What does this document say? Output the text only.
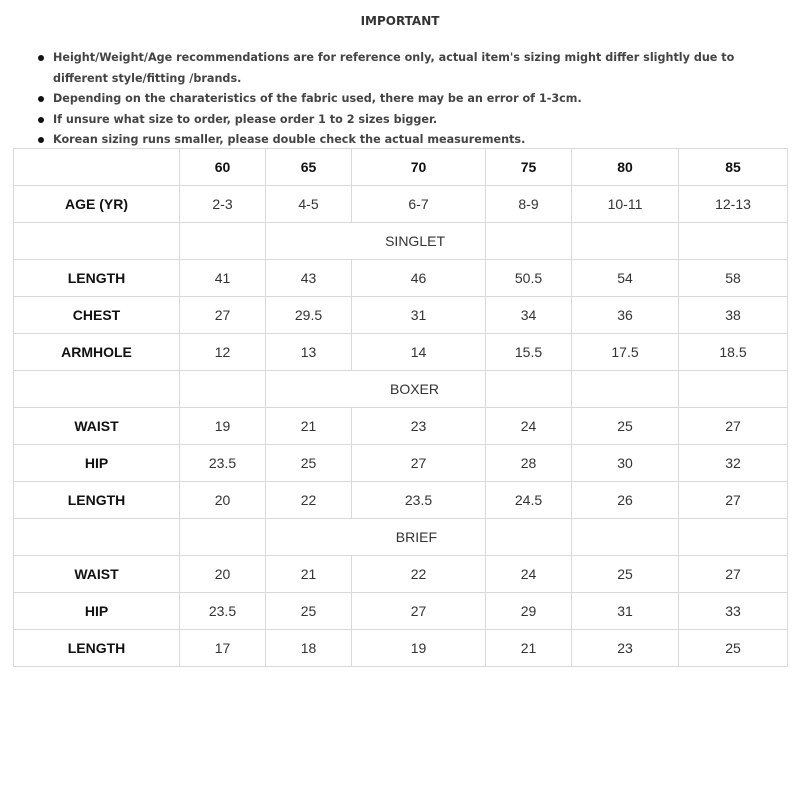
IMPORTANT
Height/Weight/Age recommendations are for reference only, actual item's sizing might differ slightly due to different style/fitting /brands.
Depending on the charateristics of the fabric used, there may be an error of 1-3cm.
If unsure what size to order, please order 1 to 2 sizes bigger.
Korean sizing runs smaller, please double check the actual measurements.
	60	65	70	75	80	85
AGE (YR)	2-3	4-5	6-7	8-9	10-11	12-13
		SINGLET				
LENGTH	41	43	46	50.5	54	58
CHEST	27	29.5	31	34	36	38
ARMHOLE	12	13	14	15.5	17.5	18.5
		BOXER				
WAIST	19	21	23	24	25	27
HIP	23.5	25	27	28	30	32
LENGTH	20	22	23.5	24.5	26	27
		BRIEF				
WAIST	20	21	22	24	25	27
HIP	23.5	25	27	29	31	33
LENGTH	17	18	19	21	23	25
